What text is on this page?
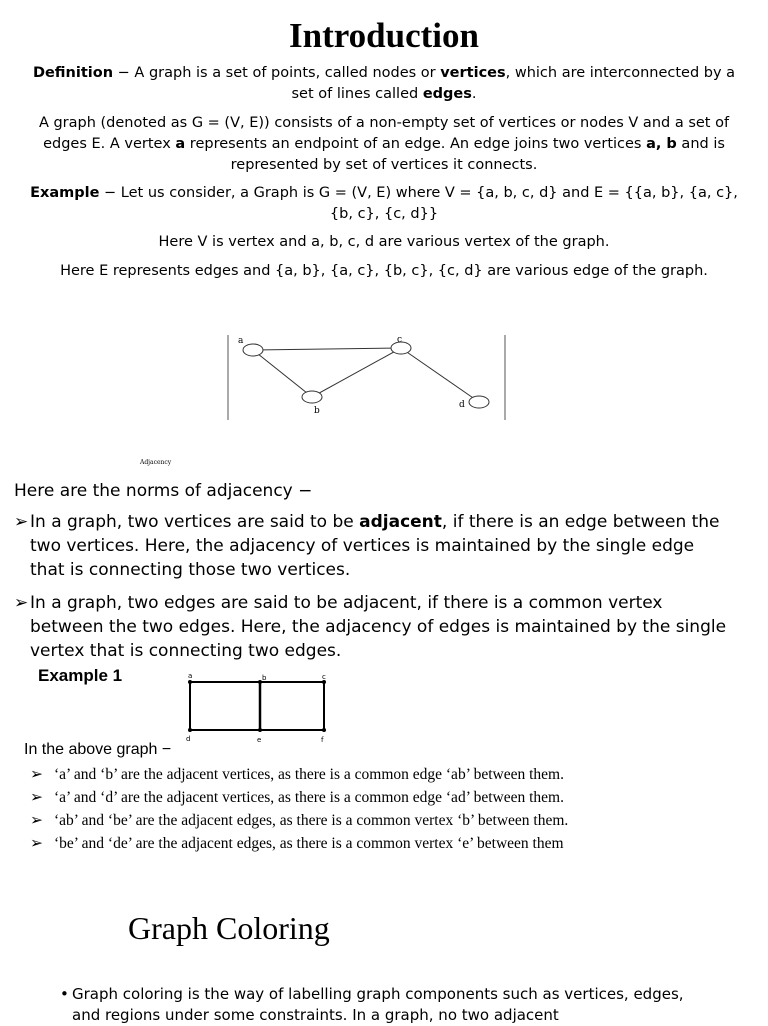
Introduction
Definition − A graph is a set of points, called nodes or vertices, which are interconnected by a set of lines called edges.
A graph (denoted as G = (V, E)) consists of a non-empty set of vertices or nodes V and a set of edges E. A vertex a represents an endpoint of an edge. An edge joins two vertices a, b and is represented by set of vertices it connects.
Example − Let us consider, a Graph is G = (V, E) where V = {a, b, c, d} and E = {{a, b}, {a, c}, {b, c}, {c, d}}
Here V is vertex and a, b, c, d are various vertex of the graph.
Here E represents edges and {a, b}, {a, c}, {b, c}, {c, d} are various edge of the graph.
a	c
b
d
Adjacency
Here are the norms of adjacency −
➢ In a graph, two vertices are said to be adjacent, if there is an edge between the two vertices. Here, the adjacency of vertices is maintained by the single edge that is connecting those two vertices.
➢ In a graph, two edges are said to be adjacent, if there is a common vertex between the two edges. Here, the adjacency of edges is maintained by the single vertex that is connecting two edges.
Example 1	a	b	c
d	e	f
In the above graph −
➢ ‘a’ and ‘b’ are the adjacent vertices, as there is a common edge ‘ab’ between them.
➢ ‘a’ and ‘d’ are the adjacent vertices, as there is a common edge ‘ad’ between them.
➢ ‘ab’ and ‘be’ are the adjacent edges, as there is a common vertex ‘b’ between them.
➢ ‘be’ and ‘de’ are the adjacent edges, as there is a common vertex ‘e’ between them
Graph Coloring
• Graph coloring is the way of labelling graph components such as vertices, edges, and regions under some constraints. In a graph, no two adjacent
